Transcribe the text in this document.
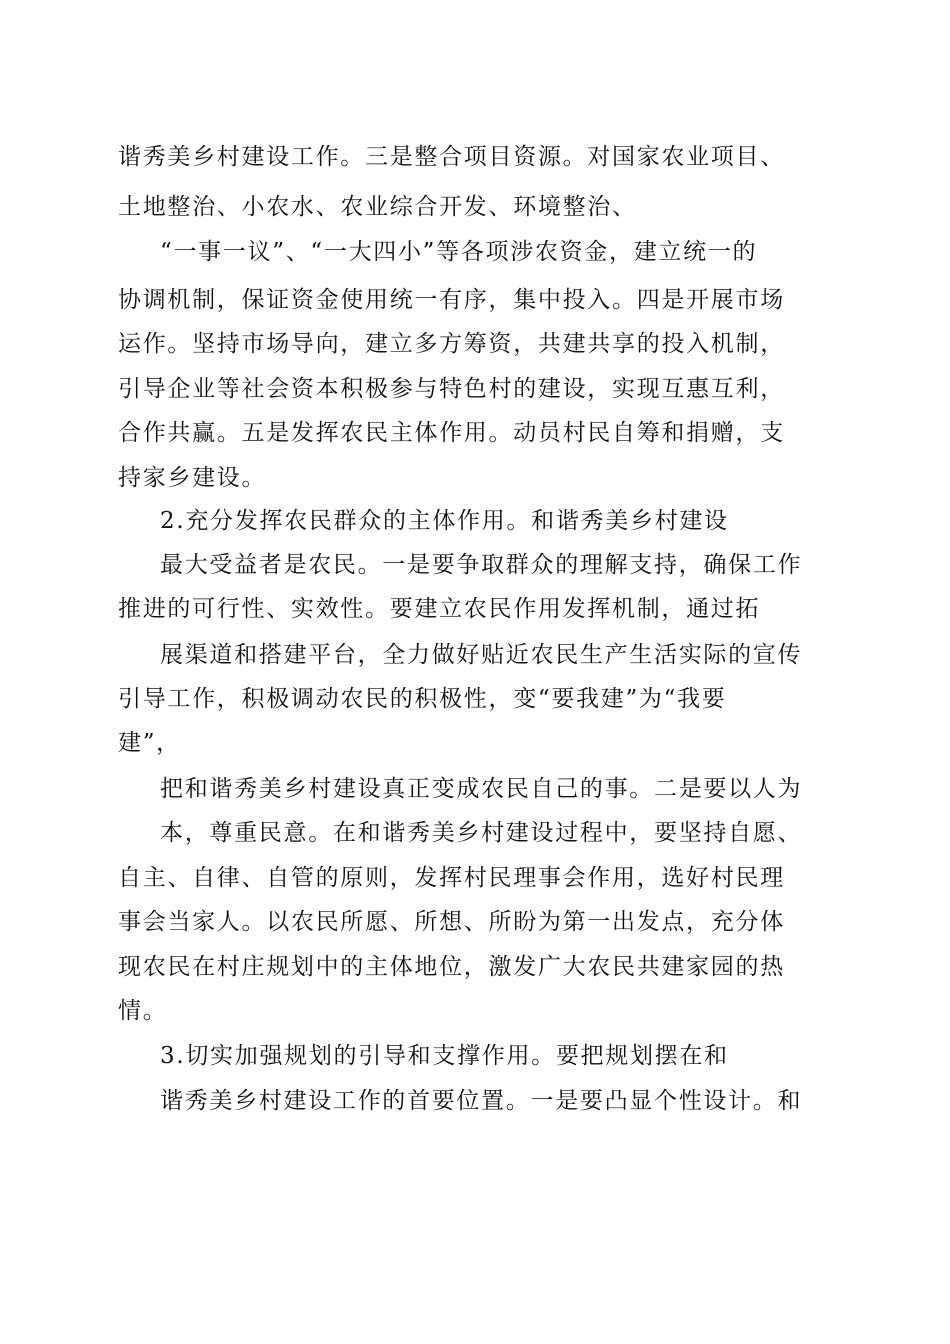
谐秀美乡村建设工作。三是整合项目资源。对国家农业项目、
土地整治、小农水、农业综合开发、环境整治、
“一事一议”、“一大四小”等各项涉农资金，建立统一的
协调机制，保证资金使用统一有序，集中投入。四是开展市场
运作。坚持市场导向，建立多方筹资，共建共享的投入机制，
引导企业等社会资本积极参与特色村的建设，实现互惠互利，
合作共赢。五是发挥农民主体作用。动员村民自筹和捐赠，支
持家乡建设。
2.充分发挥农民群众的主体作用。和谐秀美乡村建设
最大受益者是农民。一是要争取群众的理解支持，确保工作
推进的可行性、实效性。要建立农民作用发挥机制，通过拓
展渠道和搭建平台，全力做好贴近农民生产生活实际的宣传
引导工作，积极调动农民的积极性，变“要我建”为“我要
建”，
把和谐秀美乡村建设真正变成农民自己的事。二是要以人为
本，尊重民意。在和谐秀美乡村建设过程中，要坚持自愿、
自主、自律、自管的原则，发挥村民理事会作用，选好村民理
事会当家人。以农民所愿、所想、所盼为第一出发点，充分体
现农民在村庄规划中的主体地位，激发广大农民共建家园的热
情。
3.切实加强规划的引导和支撑作用。要把规划摆在和
谐秀美乡村建设工作的首要位置。一是要凸显个性设计。和
